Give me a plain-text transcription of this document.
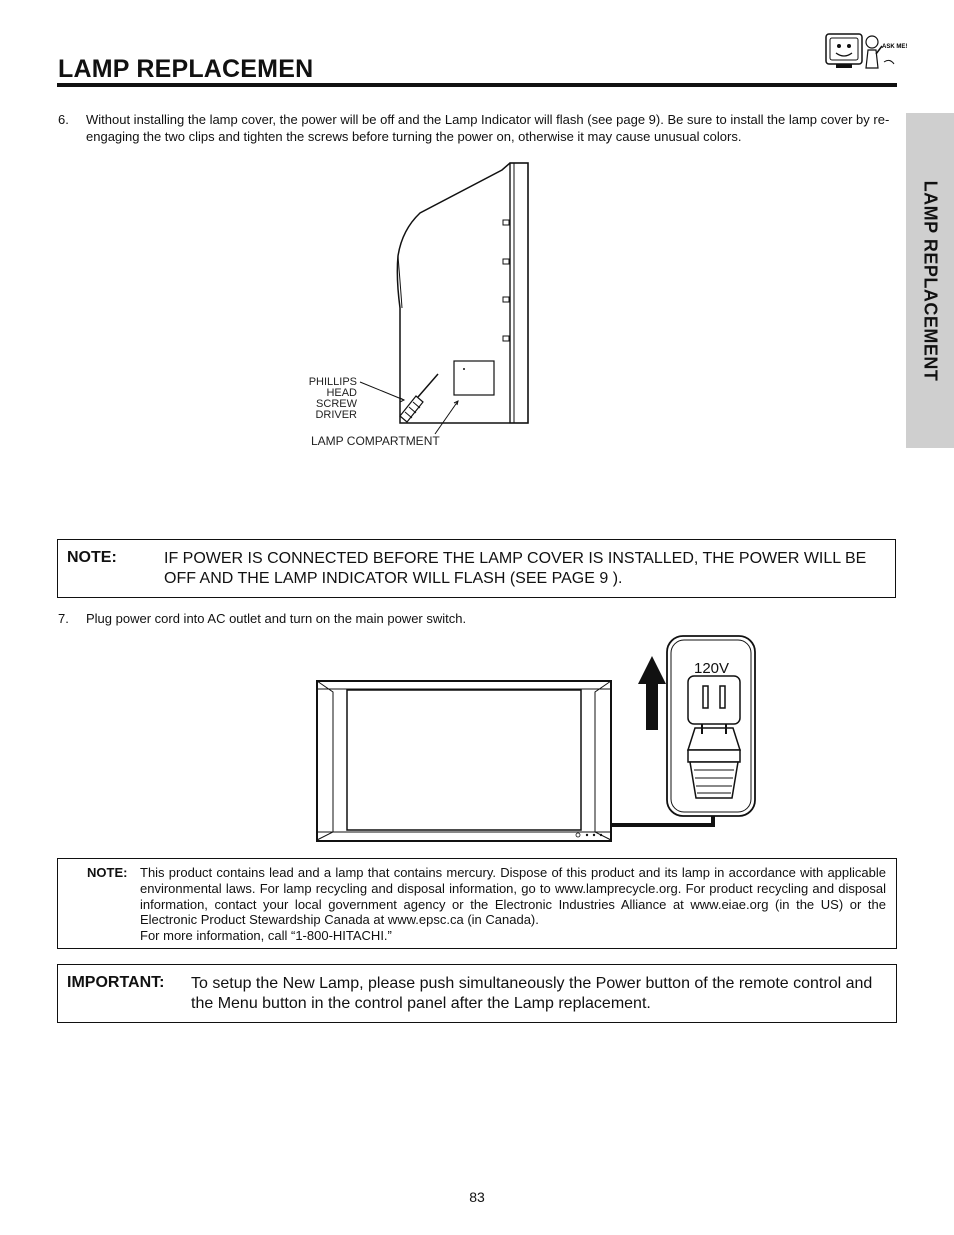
LAMP REPLACEMEN
ASK ME!
LAMP REPLACEMENT
6. Without installing the lamp cover, the power will be off and the Lamp Indicator will flash (see page 9). Be sure to install the lamp cover by re-engaging the two clips and tighten the screws before turning the power on, otherwise it may cause unusual colors.
PHILLIPS HEAD
SCREW DRIVER
LAMP COMPARTMENT
NOTE:	IF POWER IS CONNECTED BEFORE THE LAMP COVER IS INSTALLED, THE POWER WILL BE OFF AND THE LAMP INDICATOR WILL FLASH (SEE PAGE 9 ).
7. Plug power cord into AC outlet and turn on the main power switch.
120V
NOTE: This product contains lead and a lamp that contains mercury. Dispose of this product and its lamp in accordance with applicable environmental laws. For lamp recycling and disposal information, go to www.lamprecycle.org. For product recycling and disposal information, contact your local government agency or the Electronic Industries Alliance at www.eiae.org (in the US) or the Electronic Product Stewardship Canada at www.epsc.ca (in Canada).
For more information, call “1-800-HITACHI.”
IMPORTANT: To setup the New Lamp, please push simultaneously the Power button of the remote control and the Menu button in the control panel after the Lamp replacement.
83
